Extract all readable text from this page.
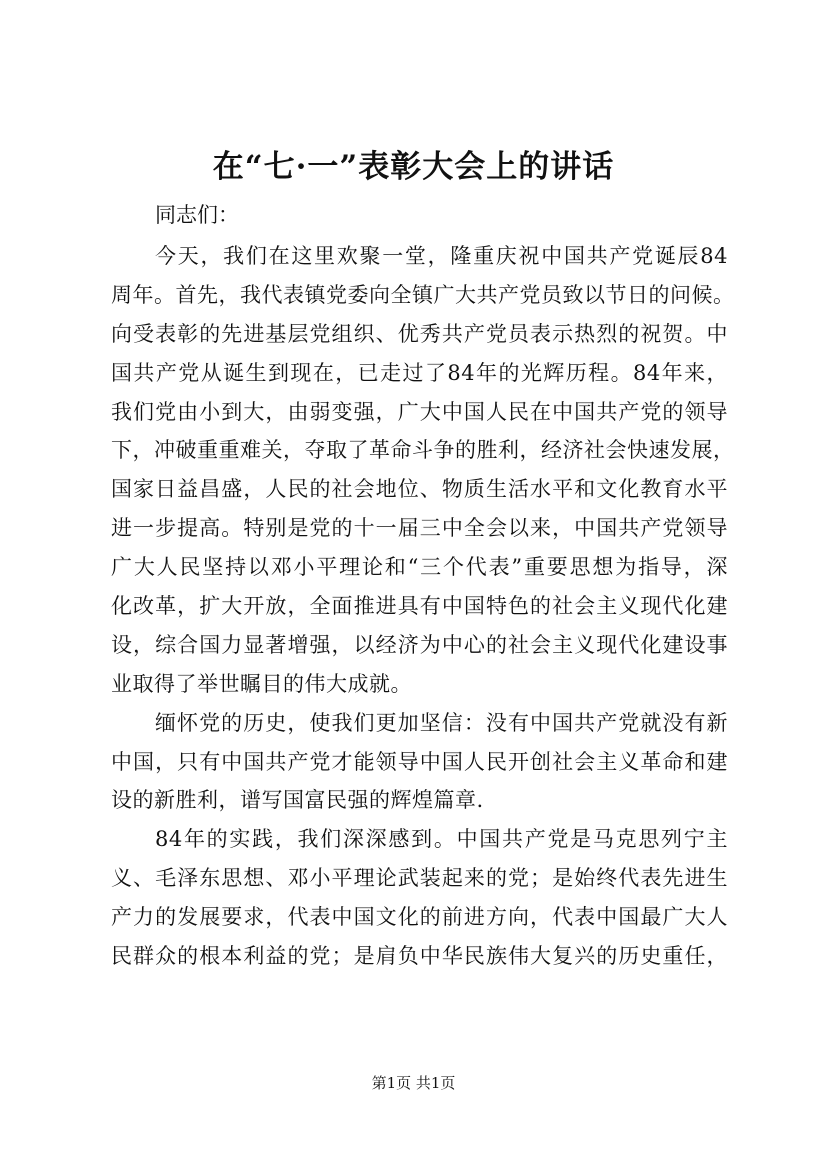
在“七·一”表彰大会上的讲话
同志们：
今天，我们在这里欢聚一堂，隆重庆祝中国共产党诞辰84
周年。首先，我代表镇党委向全镇广大共产党员致以节日的问候。
向受表彰的先进基层党组织、优秀共产党员表示热烈的祝贺。中
国共产党从诞生到现在，已走过了84年的光辉历程。84年来，
我们党由小到大，由弱变强，广大中国人民在中国共产党的领导
下，冲破重重难关，夺取了革命斗争的胜利，经济社会快速发展，
国家日益昌盛，人民的社会地位、物质生活水平和文化教育水平
进一步提高。特别是党的十一届三中全会以来，中国共产党领导
广大人民坚持以邓小平理论和“三个代表”重要思想为指导，深
化改革，扩大开放，全面推进具有中国特色的社会主义现代化建
设，综合国力显著增强，以经济为中心的社会主义现代化建设事
业取得了举世瞩目的伟大成就。
缅怀党的历史，使我们更加坚信：没有中国共产党就没有新
中国，只有中国共产党才能领导中国人民开创社会主义革命和建
设的新胜利，谱写国富民强的辉煌篇章.
84年的实践，我们深深感到。中国共产党是马克思列宁主
义、毛泽东思想、邓小平理论武装起来的党；是始终代表先进生
产力的发展要求，代表中国文化的前进方向，代表中国最广大人
民群众的根本利益的党；是肩负中华民族伟大复兴的历史重任，
第1页 共1页
